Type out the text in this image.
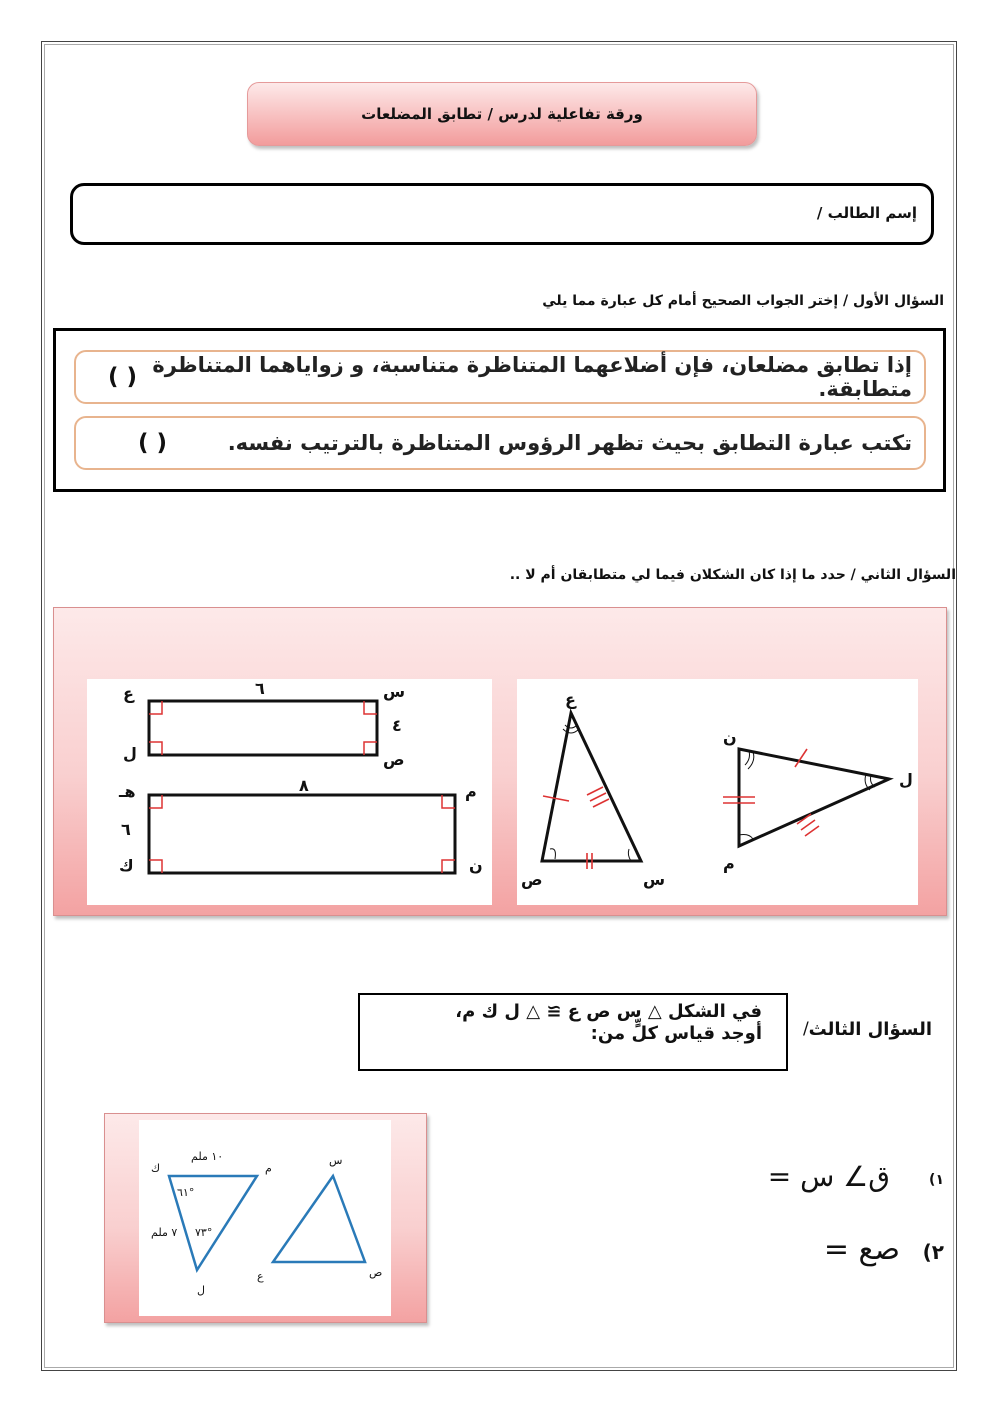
ورقة تفاعلية لدرس / تطابق المضلعات
إسم الطالب /
السؤال الأول / إختر الجواب الصحيح أمام كل عبارة مما يلي
إذا تطابق مضلعان، فإن أضلاعهما المتناظرة متناسبة، و زواياهما المتناظرة متطابقة.
( )
تكتب عبارة التطابق بحيث تظهر الرؤوس المتناظرة بالترتيب نفسه.
( )
السؤال الثاني / حدد ما إذا كان الشكلان فيما لي متطابقان أم لا ..
ع	س
ل	ص
٦
٤
هـ	م
ك	ن
٨
٦
ع
ص	س
ن
ل
م
السؤال الثالث
/
في الشكل △ س ص ع ≅ △ ل ك م،
أوجد قياس كلٍّ من:
ك	م
ل
س
ع	ص
١٠ ملم
٧ ملم
٦١°
٧٣°
١)
ق∠ س =
٢)
صع =
